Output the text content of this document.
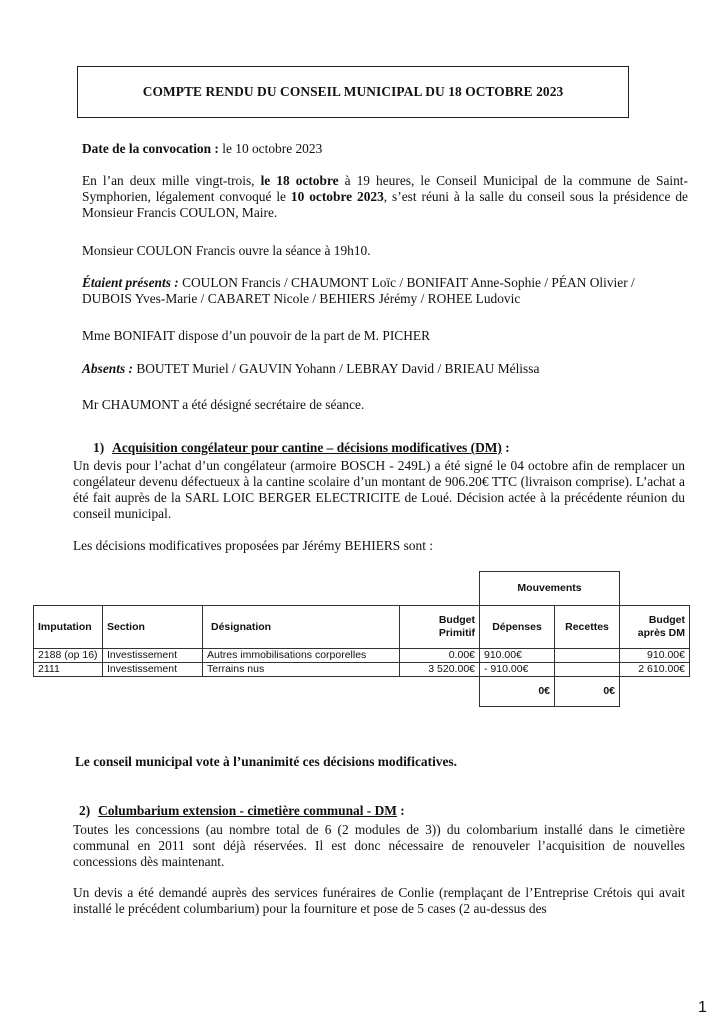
COMPTE RENDU DU CONSEIL MUNICIPAL DU 18 OCTOBRE 2023

Date de la convocation : le 10 octobre 2023

En l’an deux mille vingt-trois, le 18 octobre à 19 heures, le Conseil Municipal de la commune de Saint-Symphorien, légalement convoqué le 10 octobre 2023, s’est réuni à la salle du conseil sous la présidence de Monsieur Francis COULON, Maire.

Monsieur COULON Francis ouvre la séance à 19h10.

Étaient présents : COULON Francis / CHAUMONT Loïc / BONIFAIT Anne-Sophie / PÉAN Olivier / DUBOIS Yves-Marie / CABARET Nicole / BEHIERS Jérémy / ROHEE Ludovic

Mme BONIFAIT dispose d’un pouvoir de la part de M. PICHER

Absents : BOUTET Muriel / GAUVIN Yohann / LEBRAY David / BRIEAU Mélissa

Mr CHAUMONT a été désigné secrétaire de séance.

1) Acquisition congélateur pour cantine – décisions modificatives (DM) :

Un devis pour l’achat d’un congélateur (armoire BOSCH - 249L) a été signé le 04 octobre afin de remplacer un congélateur devenu défectueux à la cantine scolaire d’un montant de 906.20€ TTC (livraison comprise). L’achat a été fait auprès de la SARL LOIC BERGER ELECTRICITE de Loué. Décision actée à la précédente réunion du conseil municipal.

Les décisions modificatives proposées par Jérémy BEHIERS sont :

				Mouvements		
Imputation	Section	Désignation	Budget Primitif	Dépenses	Recettes	Budget après DM
2188 (op 16)	Investissement	Autres immobilisations corporelles	0.00€	910.00€		910.00€
2111	Investissement	Terrains nus	3 520.00€	- 910.00€		2 610.00€
				0€	0€	

Le conseil municipal vote à l’unanimité ces décisions modificatives.

2) Columbarium extension - cimetière communal - DM :

Toutes les concessions (au nombre total de 6 (2 modules de 3)) du colombarium installé dans le cimetière communal en 2011 sont déjà réservées. Il est donc nécessaire de renouveler l’acquisition de nouvelles concessions dès maintenant.

Un devis a été demandé auprès des services funéraires de Conlie (remplaçant de l’Entreprise Crétois qui avait installé le précédent columbarium) pour la fourniture et pose de 5 cases (2 au-dessus des

1
